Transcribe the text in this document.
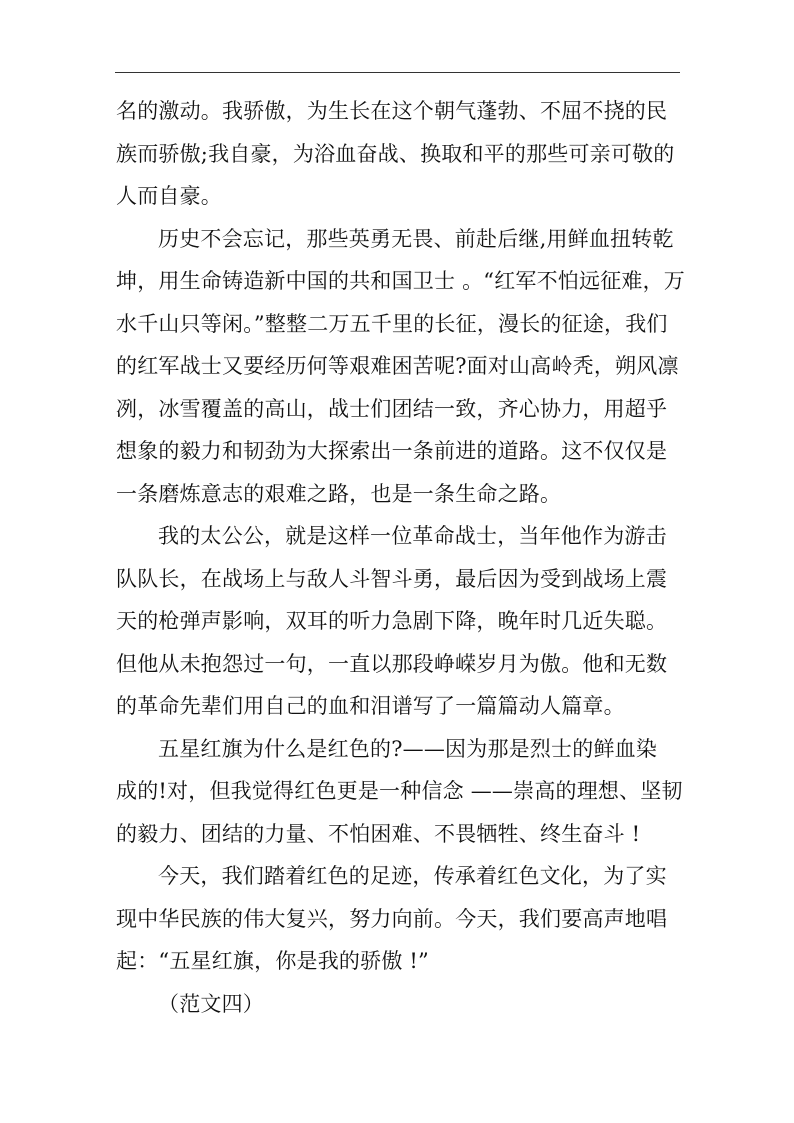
名的激动。我骄傲，为生长在这个朝气蓬勃、不屈不挠的民
族而骄傲;我自豪，为浴血奋战、换取和平的那些可亲可敬的
人而自豪。
历史不会忘记，那些英勇无畏、前赴后继,用鲜血扭转乾
坤，用生命铸造新中国的共和国卫士 。“红军不怕远征难，万
水千山只等闲。”整整二万五千里的长征，漫长的征途，我们
的红军战士又要经历何等艰难困苦呢?面对山高岭秃，朔风凛
冽，冰雪覆盖的高山，战士们团结一致，齐心协力，用超乎
想象的毅力和韧劲为大探索出一条前进的道路。这不仅仅是
一条磨炼意志的艰难之路，也是一条生命之路。
我的太公公，就是这样一位革命战士，当年他作为游击
队队长，在战场上与敌人斗智斗勇，最后因为受到战场上震
天的枪弹声影响，双耳的听力急剧下降，晚年时几近失聪。
但他从未抱怨过一句，一直以那段峥嵘岁月为傲。他和无数
的革命先辈们用自己的血和泪谱写了一篇篇动人篇章。
五星红旗为什么是红色的?——因为那是烈士的鲜血染
成的!对，但我觉得红色更是一种信念 ——崇高的理想、坚韧
的毅力、团结的力量、不怕困难、不畏牺牲、终生奋斗 !
今天，我们踏着红色的足迹，传承着红色文化，为了实
现中华民族的伟大复兴，努力向前。今天，我们要高声地唱
起：“五星红旗，你是我的骄傲 !”
（范文四）
